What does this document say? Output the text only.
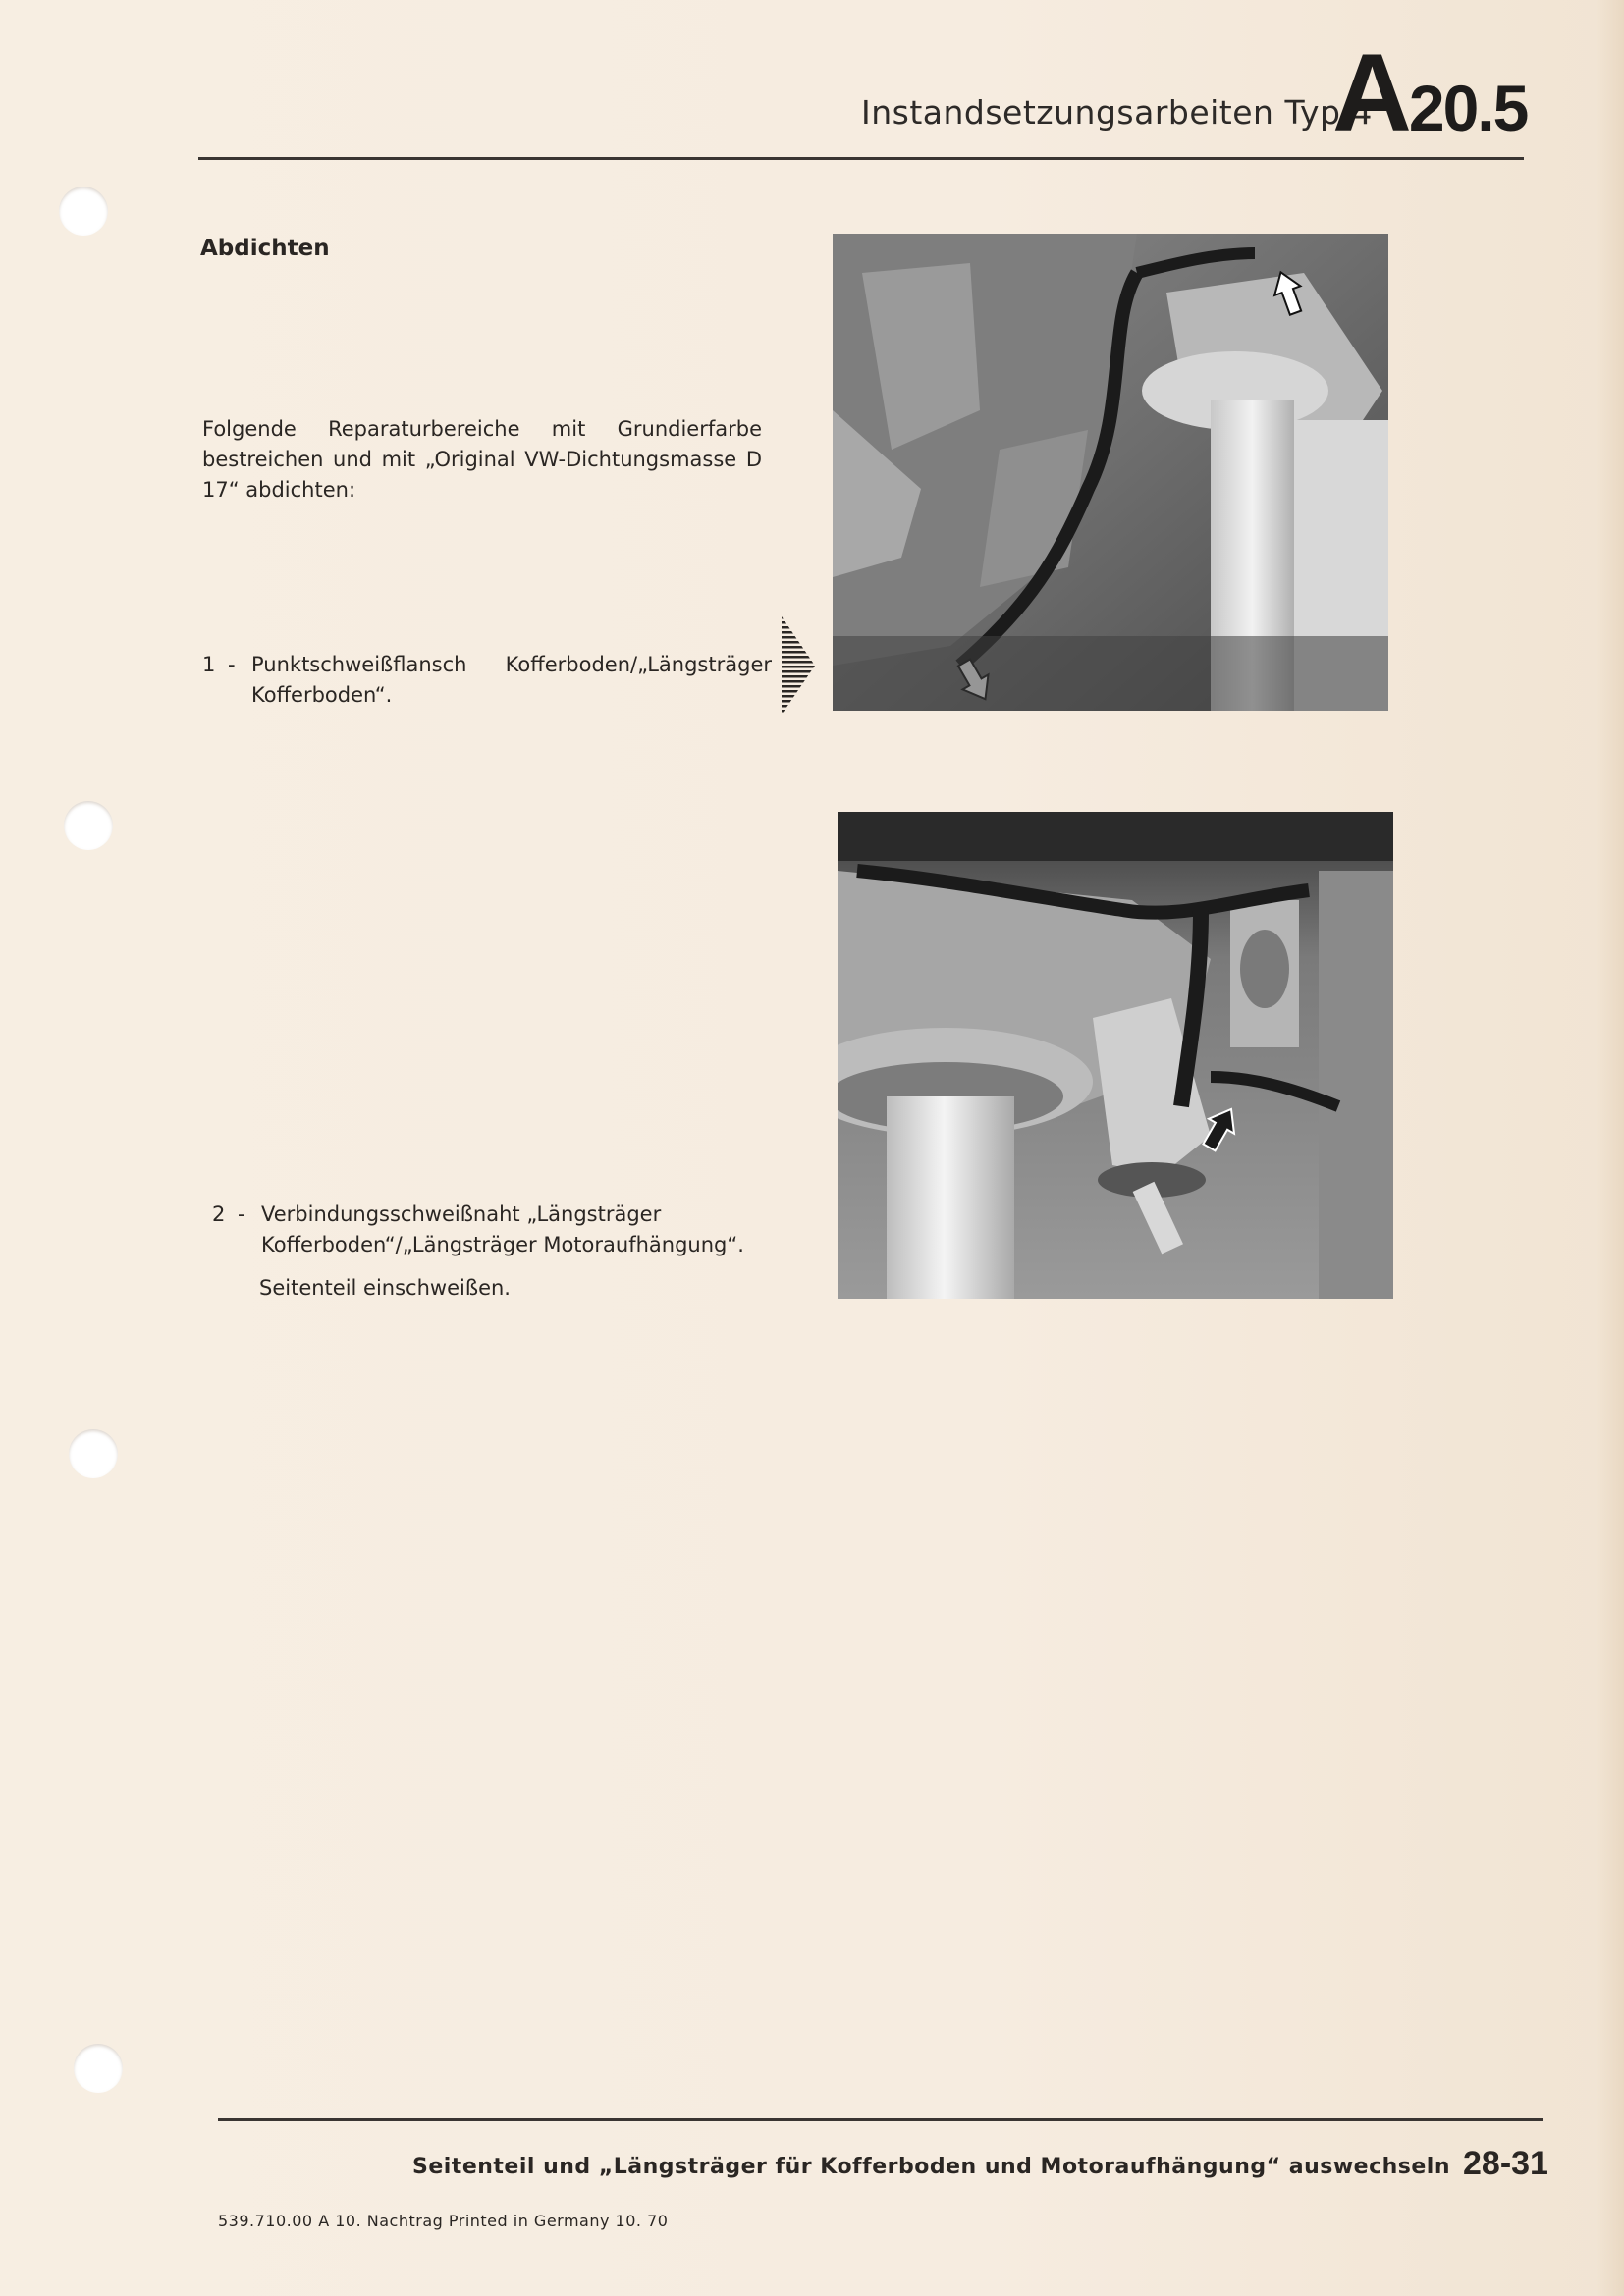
Instandsetzungsarbeiten Typ 4
A20.5
Abdichten
Folgende Reparaturbereiche mit Grundierfarbe bestreichen und mit „Original VW-Dichtungsmasse D 17“ abdichten:
1 - Punktschweißflansch Kofferboden/„Längsträger Kofferboden“.
2 - Verbindungsschweißnaht „Längsträger Kofferboden“/„Längsträger Motoraufhängung“.
Seitenteil einschweißen.
Seitenteil und „Längsträger für Kofferboden und Motoraufhängung“ auswechseln 28-31
539.710.00 A 10. Nachtrag Printed in Germany 10. 70
